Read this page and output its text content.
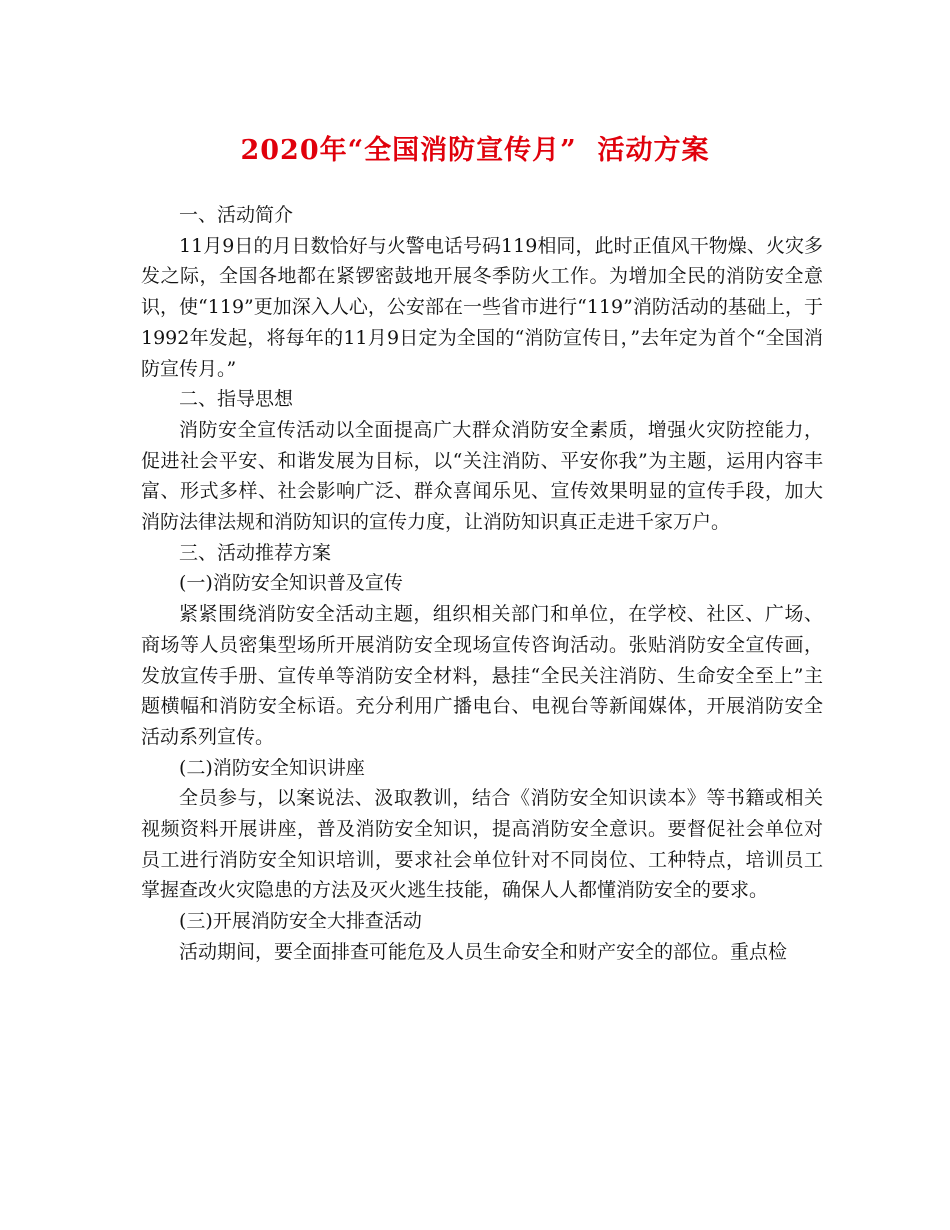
2020年“全国消防宣传月”  活动方案

一、活动简介

11月9日的月日数恰好与火警电话号码119相同，此时正值风干物燥、火灾多发之际，全国各地都在紧锣密鼓地开展冬季防火工作。为增加全民的消防安全意识，使“119”更加深入人心，公安部在一些省市进行“119”消防活动的基础上，于1992年发起，将每年的11月9日定为全国的“消防宣传日，”去年定为首个“全国消防宣传月。”

二、指导思想

消防安全宣传活动以全面提高广大群众消防安全素质，增强火灾防控能力，促进社会平安、和谐发展为目标，以“关注消防、平安你我”为主题，运用内容丰富、形式多样、社会影响广泛、群众喜闻乐见、宣传效果明显的宣传手段，加大消防法律法规和消防知识的宣传力度，让消防知识真正走进千家万户。

三、活动推荐方案

(一)消防安全知识普及宣传

紧紧围绕消防安全活动主题，组织相关部门和单位，在学校、社区、广场、商场等人员密集型场所开展消防安全现场宣传咨询活动。张贴消防安全宣传画，发放宣传手册、宣传单等消防安全材料，悬挂“全民关注消防、生命安全至上”主题横幅和消防安全标语。充分利用广播电台、电视台等新闻媒体，开展消防安全活动系列宣传。

(二)消防安全知识讲座

全员参与，以案说法、汲取教训，结合《消防安全知识读本》等书籍或相关视频资料开展讲座，普及消防安全知识，提高消防安全意识。要督促社会单位对员工进行消防安全知识培训，要求社会单位针对不同岗位、工种特点，培训员工掌握查改火灾隐患的方法及灭火逃生技能，确保人人都懂消防安全的要求。

(三)开展消防安全大排查活动

活动期间，要全面排查可能危及人员生命安全和财产安全的部位。重点检
